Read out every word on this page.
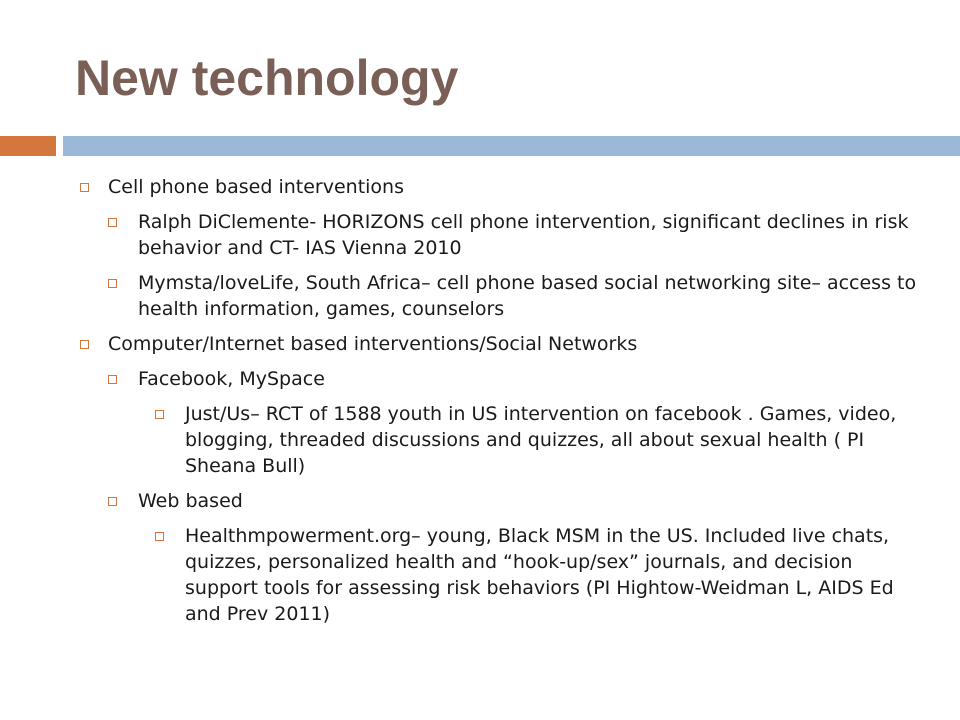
New technology
Cell phone based interventions
Ralph DiClemente- HORIZONS cell phone intervention, significant declines in risk behavior and CT- IAS Vienna 2010
Mymsta/loveLife, South Africa– cell phone based social networking site– access to health information, games, counselors
Computer/Internet based interventions/Social Networks
Facebook, MySpace
Just/Us– RCT of 1588 youth in US intervention on facebook . Games, video, blogging, threaded discussions and quizzes, all about sexual health ( PI Sheana Bull)
Web based
Healthmpowerment.org– young, Black MSM in the US. Included live chats, quizzes, personalized health and “hook-up/sex” journals, and decision support tools for assessing risk behaviors (PI Hightow-Weidman L, AIDS Ed and Prev 2011)
